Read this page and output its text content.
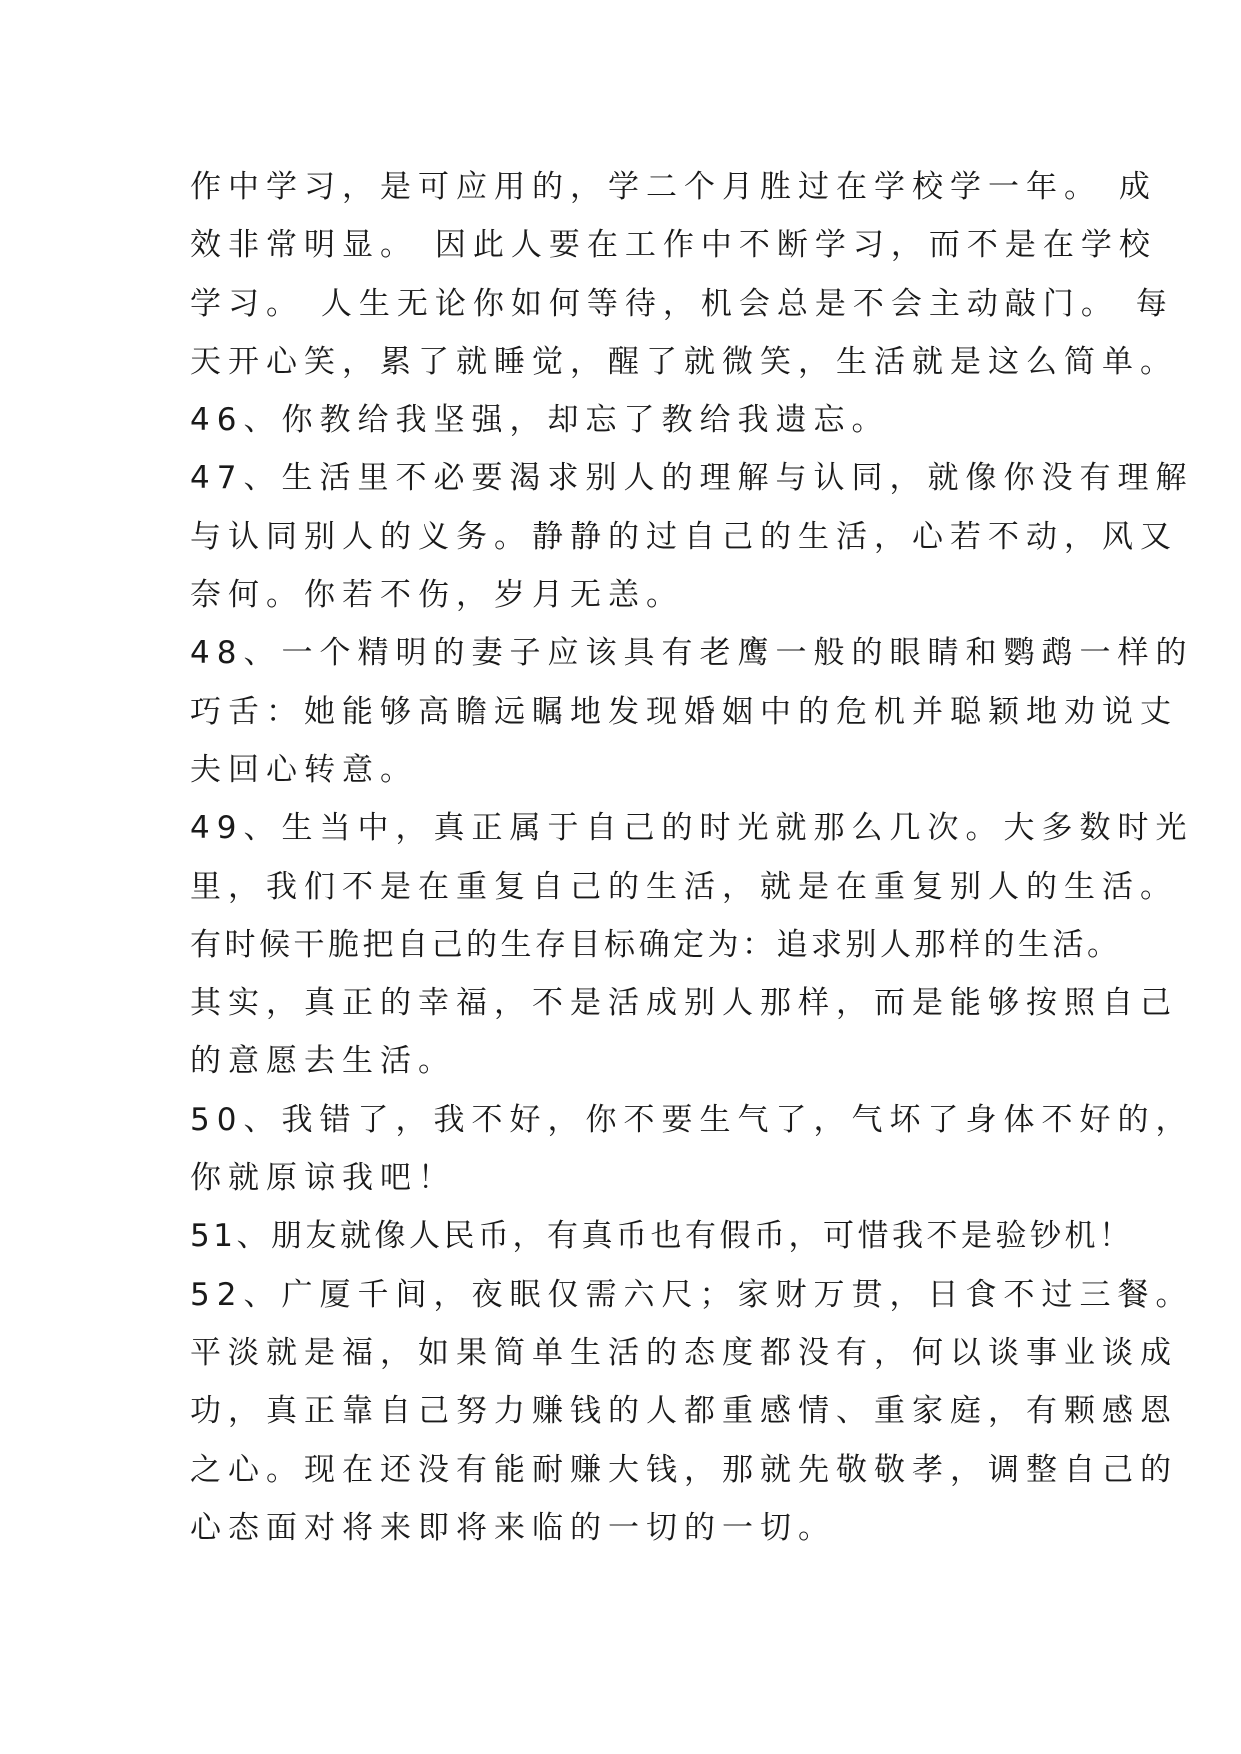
作中学习，是可应用的，学二个月胜过在学校学一年。 成
效非常明显。 因此人要在工作中不断学习，而不是在学校
学习。 人生无论你如何等待，机会总是不会主动敲门。 每
天开心笑，累了就睡觉，醒了就微笑，生活就是这么简单。
46、你教给我坚强，却忘了教给我遗忘。
47、生活里不必要渴求别人的理解与认同，就像你没有理解
与认同别人的义务。静静的过自己的生活，心若不动，风又
奈何。你若不伤，岁月无恙。
48、一个精明的妻子应该具有老鹰一般的眼睛和鹦鹉一样的
巧舌：她能够高瞻远瞩地发现婚姻中的危机并聪颖地劝说丈
夫回心转意。
49、生当中，真正属于自己的时光就那么几次。大多数时光
里，我们不是在重复自己的生活，就是在重复别人的生活。
有时候干脆把自己的生存目标确定为：追求别人那样的生活。
其实，真正的幸福，不是活成别人那样，而是能够按照自己
的意愿去生活。
50、我错了，我不好，你不要生气了，气坏了身体不好的，
你就原谅我吧！
51、朋友就像人民币，有真币也有假币，可惜我不是验钞机！
52、广厦千间，夜眠仅需六尺；家财万贯，日食不过三餐。
平淡就是福，如果简单生活的态度都没有，何以谈事业谈成
功，真正靠自己努力赚钱的人都重感情、重家庭，有颗感恩
之心。现在还没有能耐赚大钱，那就先敬敬孝，调整自己的
心态面对将来即将来临的一切的一切。
